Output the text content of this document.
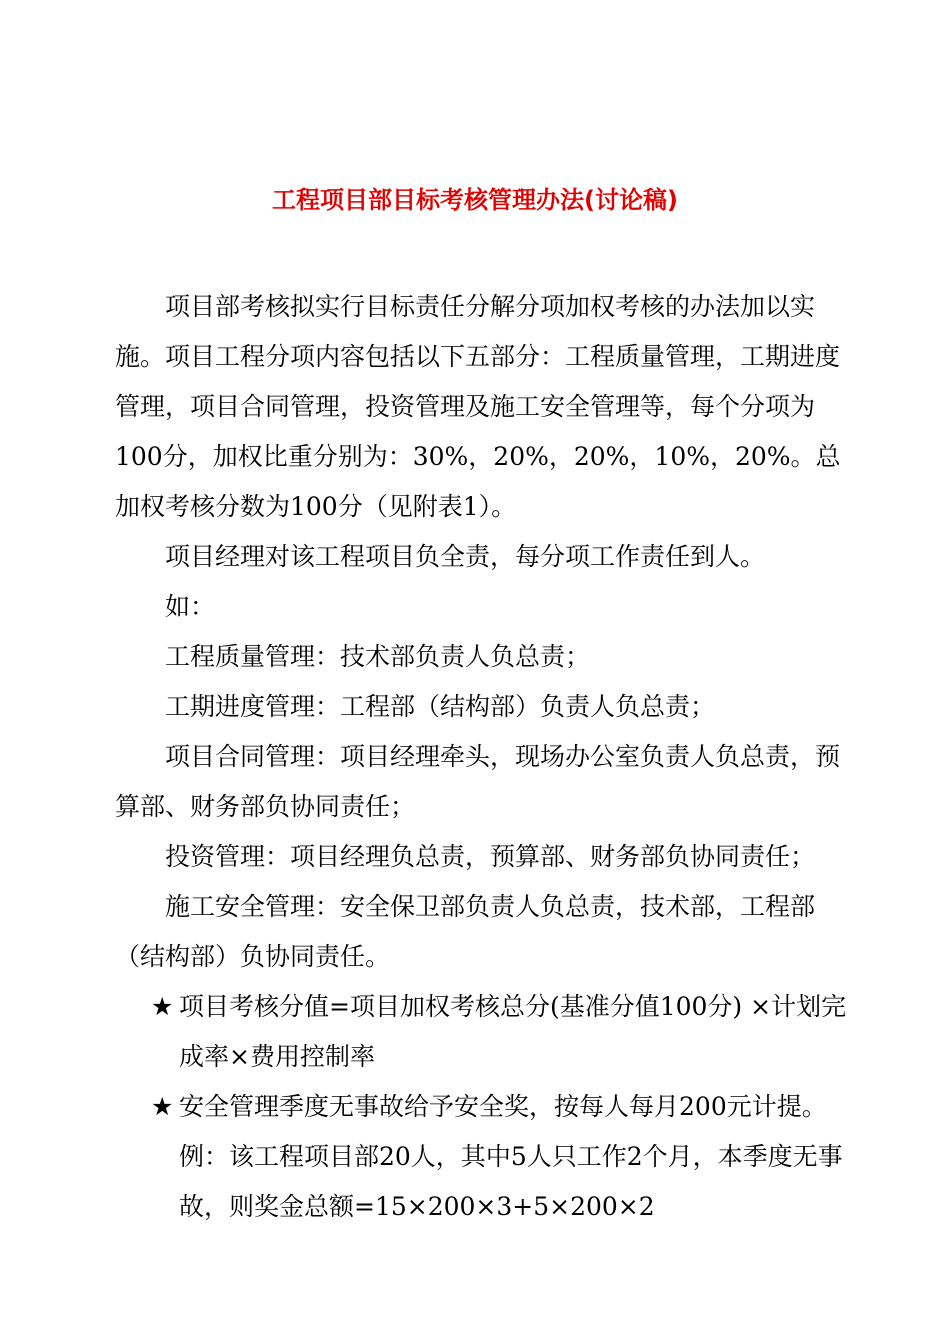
工程项目部目标考核管理办法(讨论稿)

项目部考核拟实行目标责任分解分项加权考核的办法加以实施。项目工程分项内容包括以下五部分：工程质量管理，工期进度管理，项目合同管理，投资管理及施工安全管理等，每个分项为100分，加权比重分别为：30%，20%，20%，10%，20%。总加权考核分数为100分（见附表1）。

项目经理对该工程项目负全责，每分项工作责任到人。

如：

工程质量管理：技术部负责人负总责；

工期进度管理：工程部（结构部）负责人负总责；

项目合同管理：项目经理牵头，现场办公室负责人负总责，预算部、财务部负协同责任；

投资管理：项目经理负总责，预算部、财务部负协同责任；

施工安全管理：安全保卫部负责人负总责，技术部，工程部（结构部）负协同责任。

★ 项目考核分值=项目加权考核总分(基准分值100分) ×计划完成率×费用控制率
★ 安全管理季度无事故给予安全奖，按每人每月200元计提。例：该工程项目部20人，其中5人只工作2个月，本季度无事故，则奖金总额=15×200×3+5×200×2
